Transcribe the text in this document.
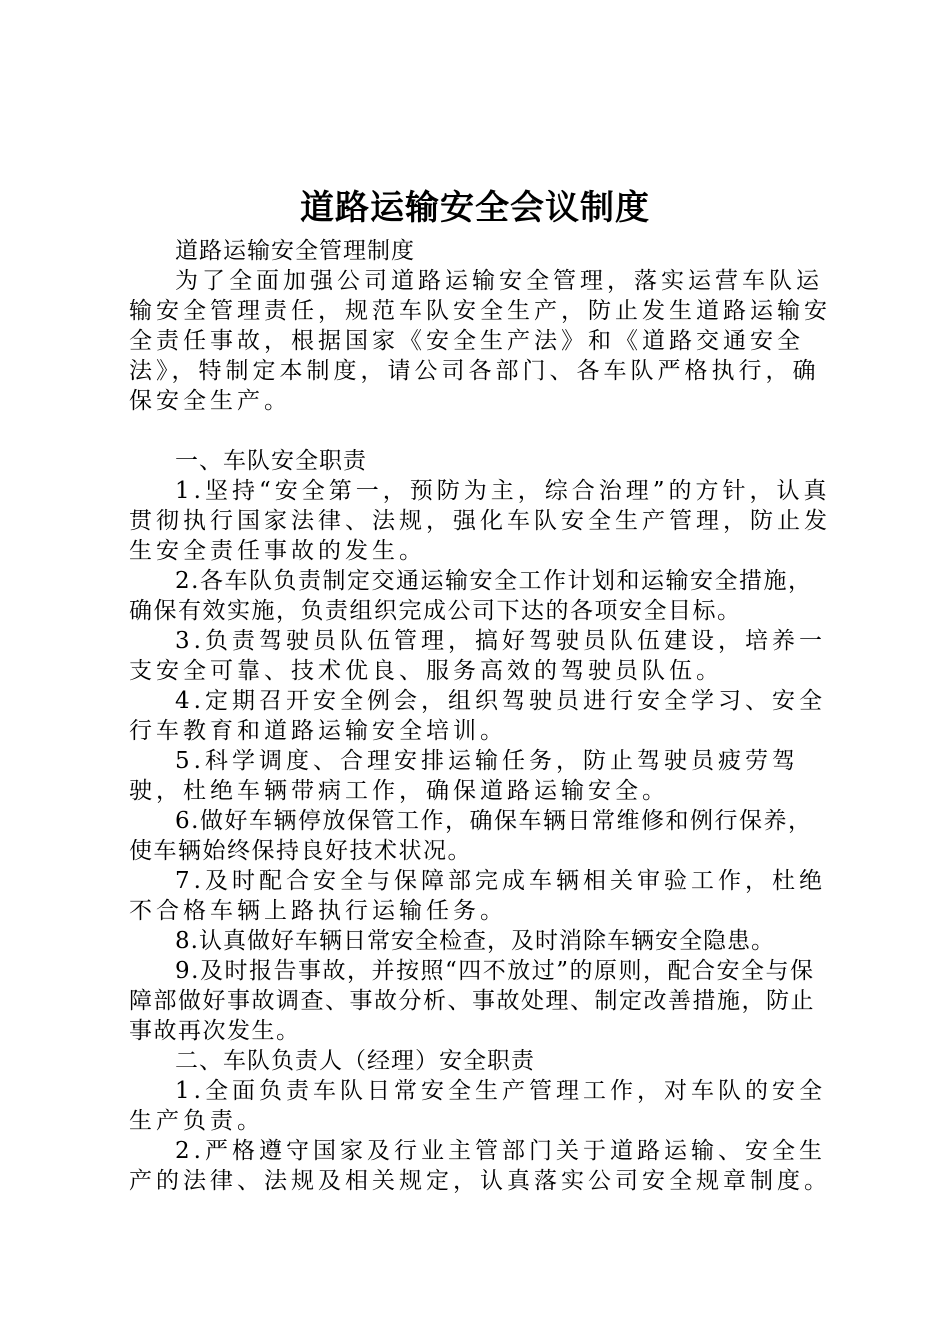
道路运输安全会议制度

道路运输安全管理制度

为了全面加强公司道路运输安全管理，落实运营车队运输安全管理责任，规范车队安全生产，防止发生道路运输安全责任事故，根据国家《安全生产法》和《道路交通安全法》，特制定本制度，请公司各部门、各车队严格执行，确保安全生产。

一、车队安全职责

1.坚持“安全第一，预防为主，综合治理”的方针，认真贯彻执行国家法律、法规，强化车队安全生产管理，防止发生安全责任事故的发生。

2.各车队负责制定交通运输安全工作计划和运输安全措施，确保有效实施，负责组织完成公司下达的各项安全目标。

3.负责驾驶员队伍管理，搞好驾驶员队伍建设，培养一支安全可靠、技术优良、服务高效的驾驶员队伍。

4.定期召开安全例会，组织驾驶员进行安全学习、安全行车教育和道路运输安全培训。

5.科学调度、合理安排运输任务，防止驾驶员疲劳驾驶，杜绝车辆带病工作，确保道路运输安全。

6.做好车辆停放保管工作，确保车辆日常维修和例行保养，使车辆始终保持良好技术状况。

7.及时配合安全与保障部完成车辆相关审验工作，杜绝不合格车辆上路执行运输任务。

8.认真做好车辆日常安全检查，及时消除车辆安全隐患。

9.及时报告事故，并按照“四不放过”的原则，配合安全与保障部做好事故调查、事故分析、事故处理、制定改善措施，防止事故再次发生。

二、车队负责人（经理）安全职责

1.全面负责车队日常安全生产管理工作，对车队的安全生产负责。

2.严格遵守国家及行业主管部门关于道路运输、安全生产的法律、法规及相关规定，认真落实公司安全规章制度。
